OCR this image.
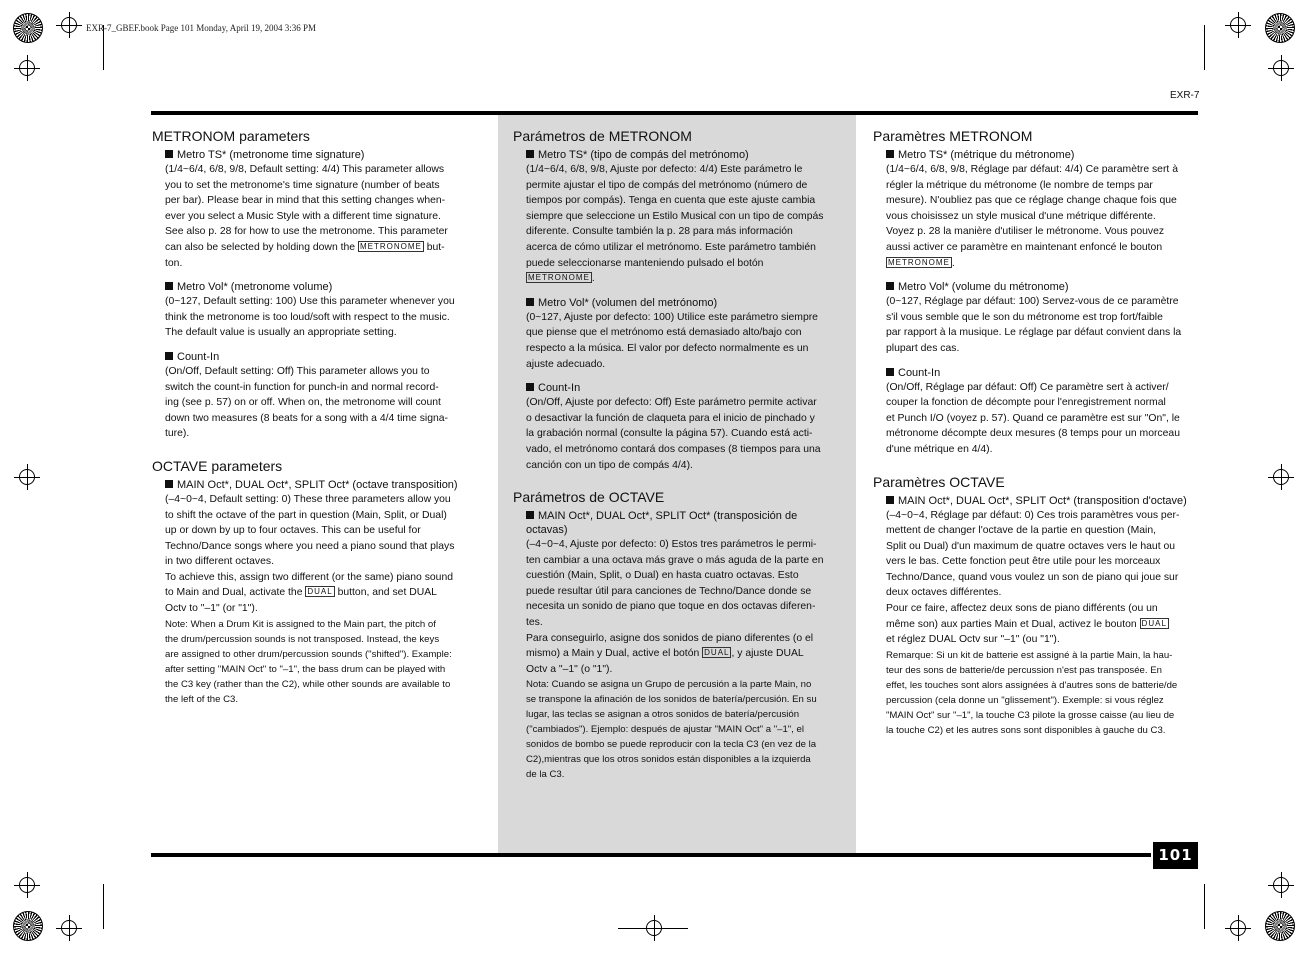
EXR-7_GBEF.book Page 101 Monday, April 19, 2004 3:36 PM
EXR-7
METRONOM parameters
Metro TS* (metronome time signature)
(1/4~6/4, 6/8, 9/8, Default setting: 4/4) This parameter allows
you to set the metronome's time signature (number of beats
per bar). Please bear in mind that this setting changes when-
ever you select a Music Style with a different time signature.
See also p. 28 for how to use the metronome. This parameter
can also be selected by holding down the METRONOME but-
ton.
Metro Vol* (metronome volume)
(0~127, Default setting: 100) Use this parameter whenever you
think the metronome is too loud/soft with respect to the music.
The default value is usually an appropriate setting.
Count-In
(On/Off, Default setting: Off) This parameter allows you to
switch the count-in function for punch-in and normal record-
ing (see p. 57) on or off. When on, the metronome will count
down two measures (8 beats for a song with a 4/4 time signa-
ture).
OCTAVE parameters
MAIN Oct*, DUAL Oct*, SPLIT Oct* (octave transposition)
(–4~0~4, Default setting: 0) These three parameters allow you
to shift the octave of the part in question (Main, Split, or Dual)
up or down by up to four octaves. This can be useful for
Techno/Dance songs where you need a piano sound that plays
in two different octaves.
To achieve this, assign two different (or the same) piano sound
to Main and Dual, activate the DUAL button, and set DUAL
Octv to "–1" (or "1").
Note: When a Drum Kit is assigned to the Main part, the pitch of
the drum/percussion sounds is not transposed. Instead, the keys
are assigned to other drum/percussion sounds ("shifted"). Example:
after setting "MAIN Oct" to "–1", the bass drum can be played with
the C3 key (rather than the C2), while other sounds are available to
the left of the C3.
Parámetros de METRONOM
Metro TS* (tipo de compás del metrónomo)
(1/4~6/4, 6/8, 9/8, Ajuste por defecto: 4/4) Este parámetro le
permite ajustar el tipo de compás del metrónomo (número de
tiempos por compás). Tenga en cuenta que este ajuste cambia
siempre que seleccione un Estilo Musical con un tipo de compás
diferente. Consulte también la p. 28 para más información
acerca de cómo utilizar el metrónomo. Este parámetro también
puede seleccionarse manteniendo pulsado el botón
METRONOME .
Metro Vol* (volumen del metrónomo)
(0~127, Ajuste por defecto: 100) Utilice este parámetro siempre
que piense que el metrónomo está demasiado alto/bajo con
respecto a la música. El valor por defecto normalmente es un
ajuste adecuado.
Count-In
(On/Off, Ajuste por defecto: Off) Este parámetro permite activar
o desactivar la función de claqueta para el inicio de pinchado y
la grabación normal (consulte la página 57). Cuando está acti-
vado, el metrónomo contará dos compases (8 tiempos para una
canción con un tipo de compás 4/4).
Parámetros de OCTAVE
MAIN Oct*, DUAL Oct*, SPLIT Oct* (transposición de octavas)
(–4~0~4, Ajuste por defecto: 0) Estos tres parámetros le permi-
ten cambiar a una octava más grave o más aguda de la parte en
cuestión (Main, Split, o Dual) en hasta cuatro octavas. Esto
puede resultar útil para canciones de Techno/Dance donde se
necesita un sonido de piano que toque en dos octavas diferen-
tes.
Para conseguirlo, asigne dos sonidos de piano diferentes (o el
mismo) a Main y Dual, active el botón DUAL , y ajuste DUAL
Octv a "–1" (o "1").
Nota: Cuando se asigna un Grupo de percusión a la parte Main, no
se transpone la afinación de los sonidos de batería/percusión. En su
lugar, las teclas se asignan a otros sonidos de batería/percusión
("cambiados"). Ejemplo: después de ajustar "MAIN Oct" a "–1", el
sonidos de bombo se puede reproducir con la tecla C3 (en vez de la
C2),mientras que los otros sonidos están disponibles a la izquierda
de la C3.
Paramètres METRONOM
Metro TS* (métrique du métronome)
(1/4~6/4, 6/8, 9/8, Réglage par défaut: 4/4) Ce paramètre sert à
régler la métrique du métronome (le nombre de temps par
mesure). N'oubliez pas que ce réglage change chaque fois que
vous choisissez un style musical d'une métrique différente.
Voyez p. 28 la manière d'utiliser le métronome. Vous pouvez
aussi activer ce paramètre en maintenant enfoncé le bouton
METRONOME .
Metro Vol* (volume du métronome)
(0~127, Réglage par défaut: 100) Servez-vous de ce paramètre
s'il vous semble que le son du métronome est trop fort/faible
par rapport à la musique. Le réglage par défaut convient dans la
plupart des cas.
Count-In
(On/Off, Réglage par défaut: Off) Ce paramètre sert à activer/
couper la fonction de décompte pour l'enregistrement normal
et Punch I/O (voyez p. 57). Quand ce paramètre est sur "On", le
métronome décompte deux mesures (8 temps pour un morceau
d'une métrique en 4/4).
Paramètres OCTAVE
MAIN Oct*, DUAL Oct*, SPLIT Oct* (transposition d'octave)
(–4~0~4, Réglage par défaut: 0) Ces trois paramètres vous per-
mettent de changer l'octave de la partie en question (Main,
Split ou Dual) d'un maximum de quatre octaves vers le haut ou
vers le bas. Cette fonction peut être utile pour les morceaux
Techno/Dance, quand vous voulez un son de piano qui joue sur
deux octaves différentes.
Pour ce faire, affectez deux sons de piano différents (ou un
même son) aux parties Main et Dual, activez le bouton DUAL
et réglez DUAL Octv sur "–1" (ou "1").
Remarque: Si un kit de batterie est assigné à la partie Main, la hau-
teur des sons de batterie/de percussion n'est pas transposée. En
effet, les touches sont alors assignées à d'autres sons de batterie/de
percussion (cela donne un "glissement"). Exemple: si vous réglez
"MAIN Oct" sur "–1", la touche C3 pilote la grosse caisse (au lieu de
la touche C2) et les autres sons sont disponibles à gauche du C3.
101
